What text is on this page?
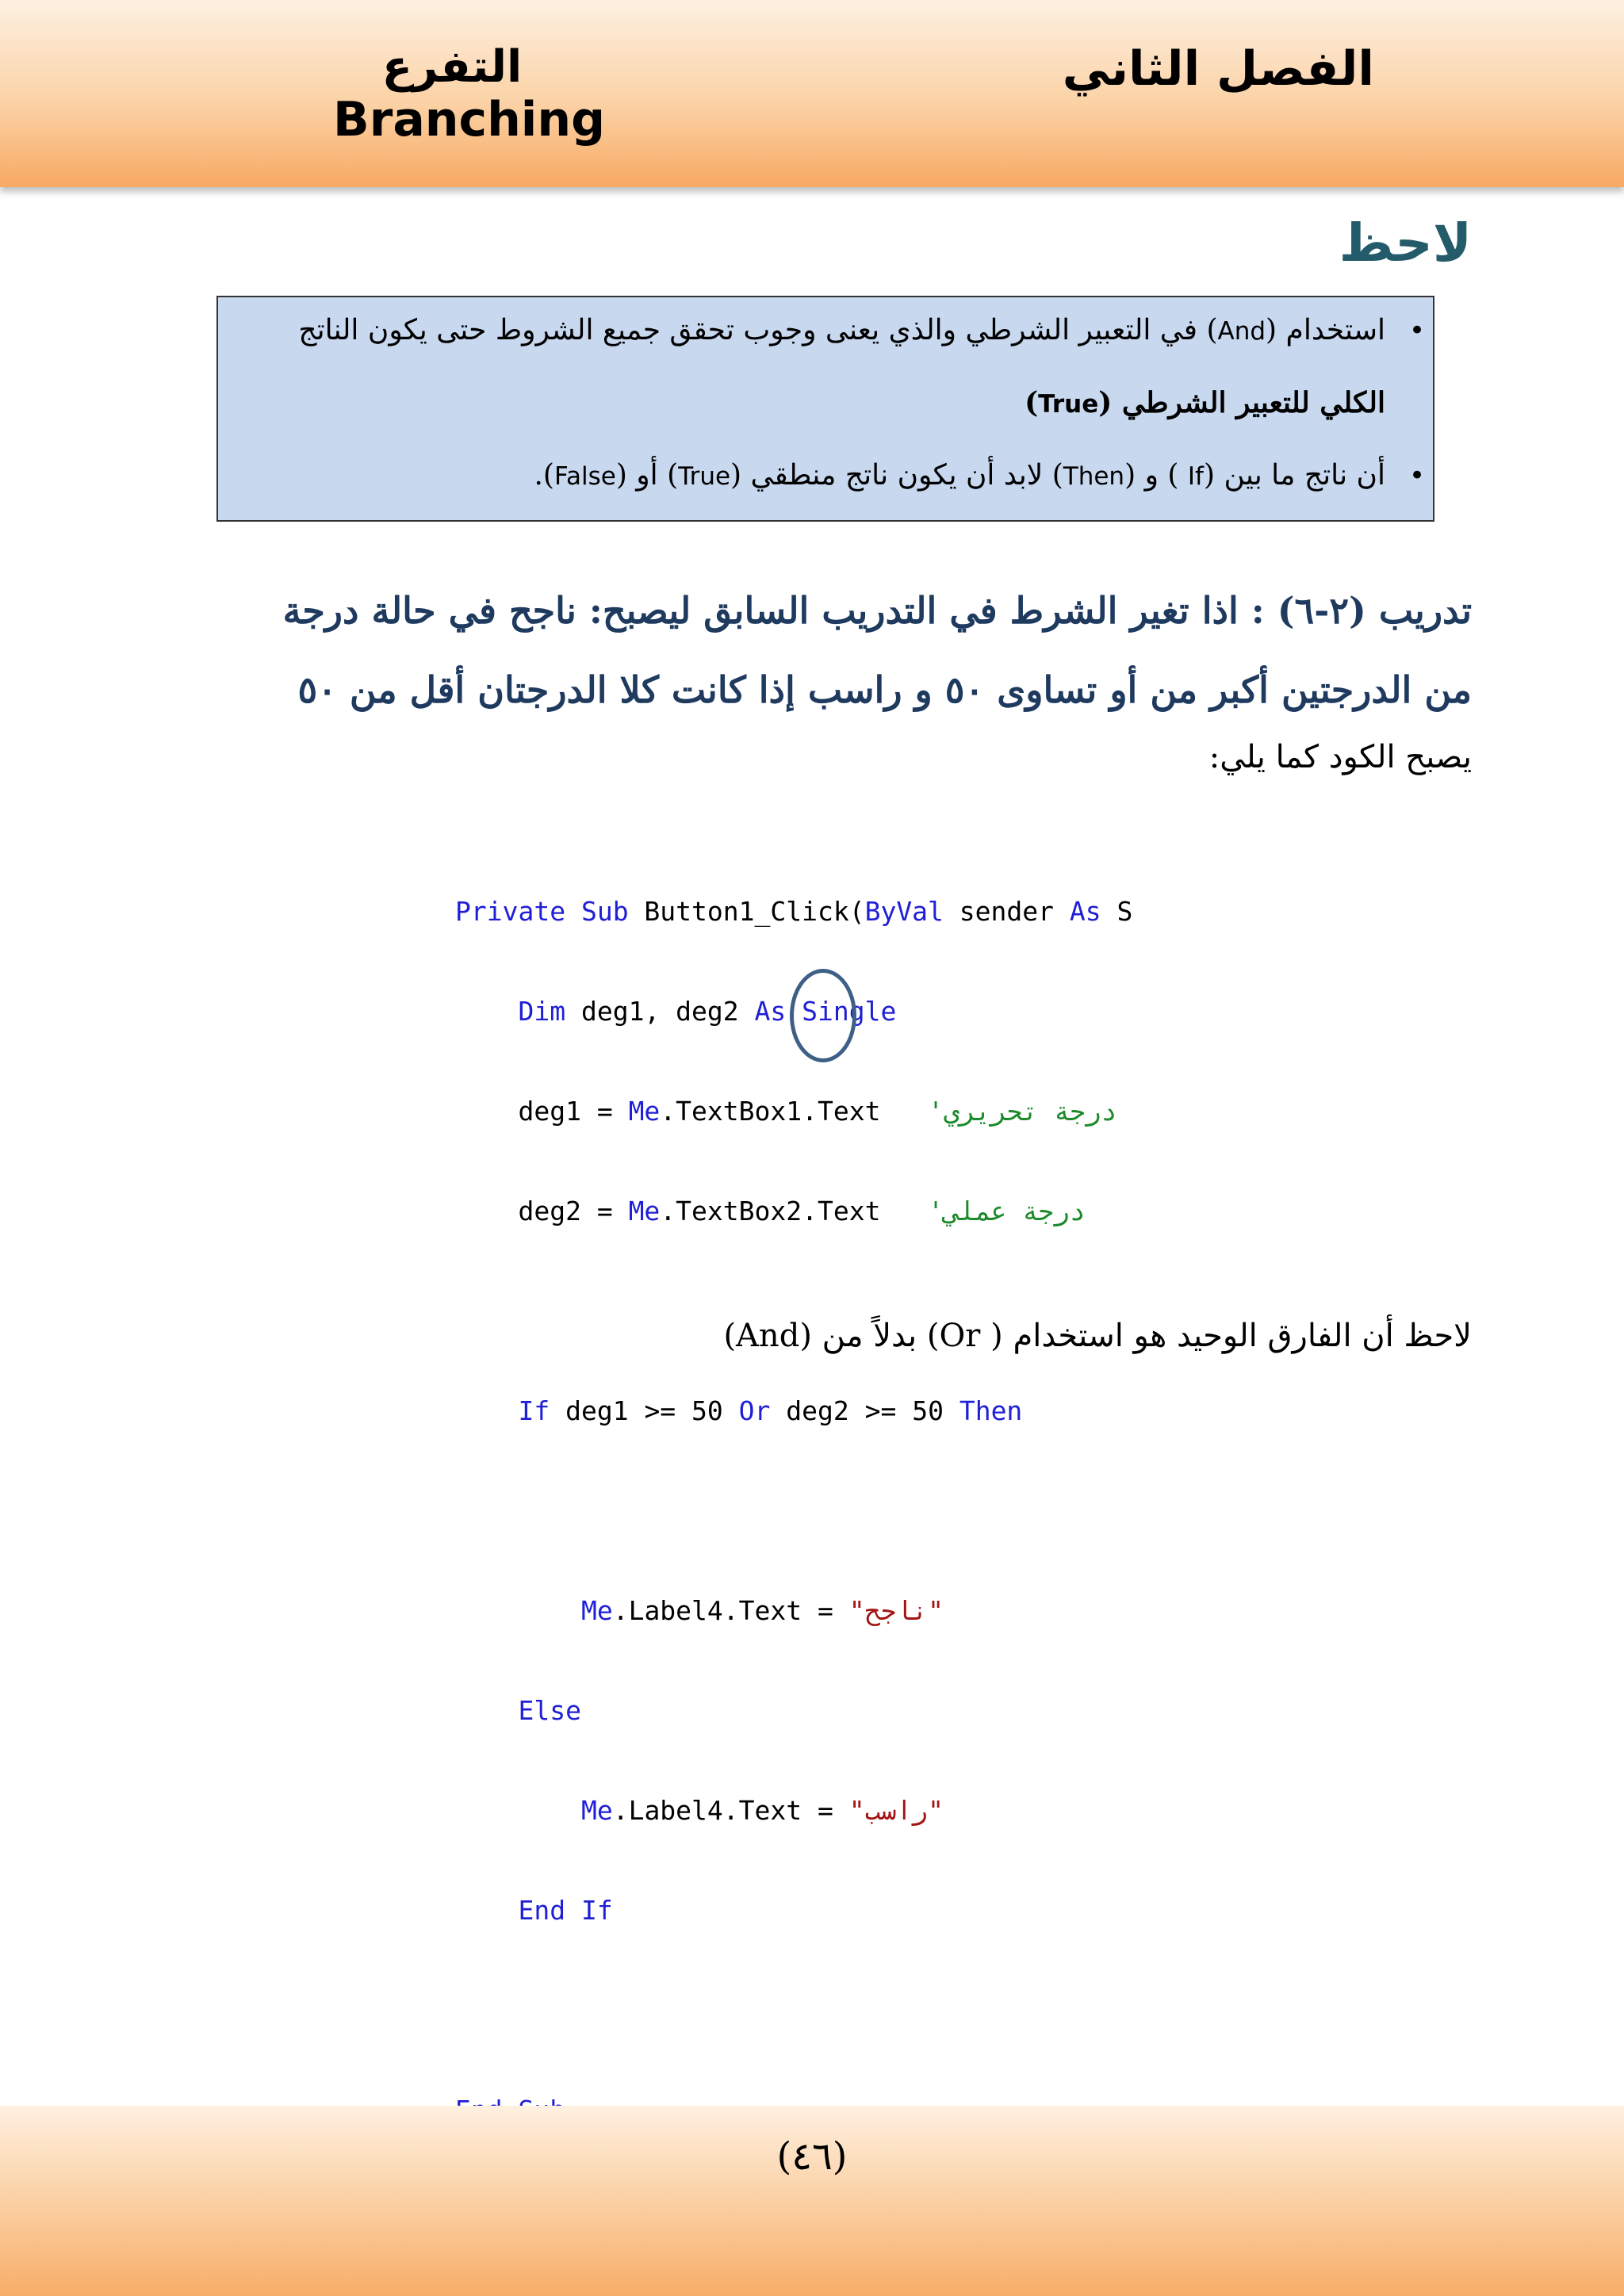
الفصل الثاني
التفرع
Branching
لاحظ
•
استخدام (And) في التعبير الشرطي والذي يعنى وجوب تحقق جميع الشروط حتى يكون الناتج
الكلي للتعبير الشرطي (True)
•
أن ناتج ما بين (If ) و (Then) لابد أن يكون ناتج منطقي (True) أو (False).
تدريب (٢-٦) : اذا تغير الشرط في التدريب السابق ليصبح: ناجح في حالة درجة
من الدرجتين أكبر من أو تساوى ٥٠ و راسب إذا كانت كلا الدرجتان أقل من ٥٠
يصبح الكود كما يلي:

Private Sub Button1_Click(ByVal sender As S

Dim deg1, deg2 As Single

deg1 = Me.TextBox1.Text 'درجة تحريري

deg2 = Me.TextBox2.Text 'درجة عملي

If deg1 >= 50 Or deg2 >= 50 Then

Me.Label4.Text = "ناجح"

Else

Me.Label4.Text = "راسب"

End If

لاحظ أن الفارق الوحيد هو استخدام ( Or) بدلاً من (And)
(٤٦)
